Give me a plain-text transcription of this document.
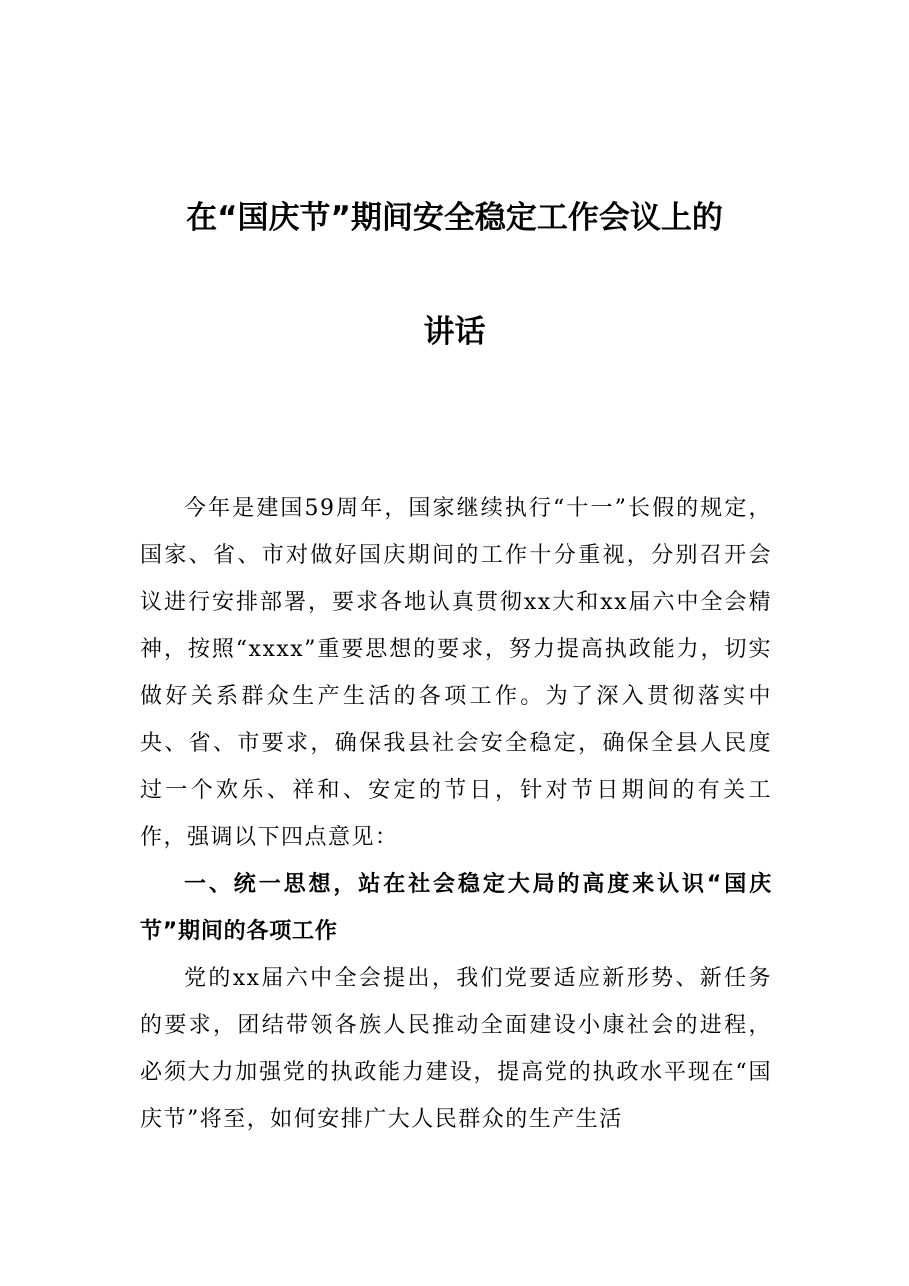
在“国庆节”期间安全稳定工作会议上的
讲话

今年是建国59周年，国家继续执行“十一”长假的规定，国家、省、市对做好国庆期间的工作十分重视，分别召开会议进行安排部署，要求各地认真贯彻xx大和xx届六中全会精神，按照“xxxx”重要思想的要求，努力提高执政能力，切实做好关系群众生产生活的各项工作。为了深入贯彻落实中央、省、市要求，确保我县社会安全稳定，确保全县人民度过一个欢乐、祥和、安定的节日，针对节日期间的有关工作，强调以下四点意见：

一、统一思想，站在社会稳定大局的高度来认识“国庆节”期间的各项工作

党的xx届六中全会提出，我们党要适应新形势、新任务的要求，团结带领各族人民推动全面建设小康社会的进程，必须大力加强党的执政能力建设，提高党的执政水平现在“国庆节”将至，如何安排广大人民群众的生产生活
